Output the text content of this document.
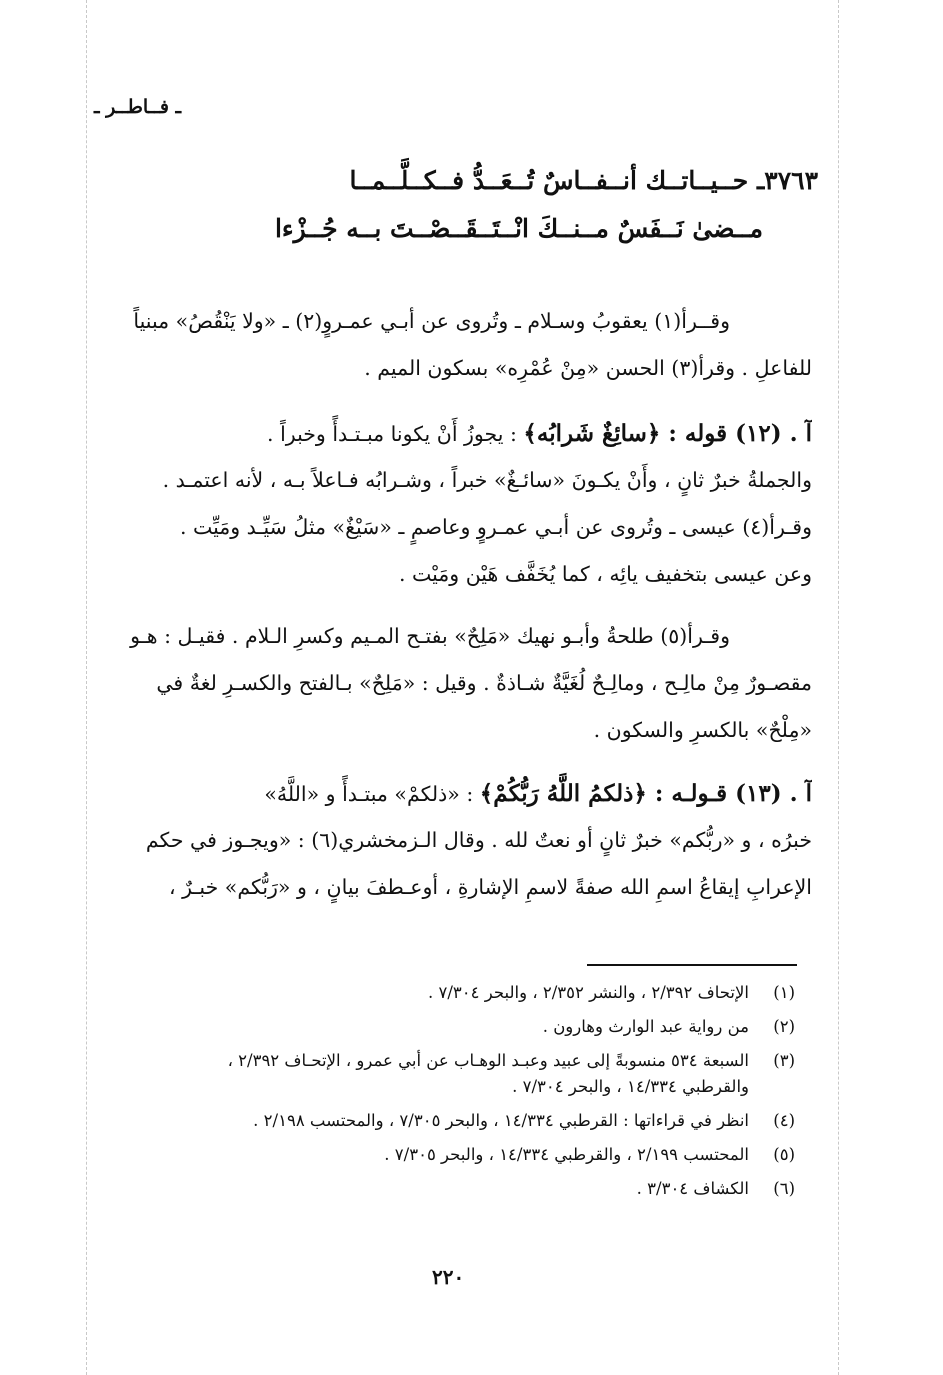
ـ فــاطــر ـ
٣٧٦٣ـ حــيــاتــك أنــفــاسٌ تُــعَــدُّ فــكــلَّــمــا
مــضىٰ نَــفَسٌ مــنــكَ انْــتَــقَــصْــتَ بــه جُــزْءا
وقــرأ(١) يعقوبُ وسـلام ـ وتُروى عن أبـي عمـروٍ(٢) ـ «ولا يَنْقُصُ» مبنياً
للفاعلِ . وقرأ(٣) الحسن «مِنْ عُمْرِه» بسكون الميم .
آ . (١٢) قوله : ﴿سائِغٌ شَرابُه﴾ : يجوزُ أَنْ يكونا مبـتـدأً وخبراً .
والجملةُ خبرٌ ثانٍ ، وأَنْ يكـونَ «سائـغٌ» خبراً ، وشـرابُه فـاعلاً بـه ، لأنه اعتمـد .
وقـرأ(٤) عيسى ـ وتُروى عن أبـي عمـروٍ وعاصمٍ ـ «سَيْغٌ» مثلُ سَيِّـد ومَيِّت .
وعن عيسى بتخفيف يائِه ، كما يُخَفَّف هَيْن ومَيْت .
وقـرأ(٥) طلحةُ وأبـو نهيك «مَلِحٌ» بفتـح المـيم وكسرِ الـلام . فقيـل : هـو
مقصـورٌ مِنْ مالِـح ، ومالِـحٌ لُغَيَّةٌ شـاذةٌ . وقيل : «مَلِحٌ» بـالفتح والكسـرِ لغةٌ في
«مِلْحٌ» بالكسرِ والسكون .
آ . (١٣) قـولـه : ﴿ذلكمُ اللَّهُ رَبُّكُمْ﴾ : «ذلكمْ» مبتـدأً و «اللَّهُ»
خبرُه ، و «ربُّكم» خبرٌ ثانٍ أو نعتٌ لله . وقال الـزمخشري(٦) : «ويجـوز في حكم
الإعرابِ إيقاعُ اسمِ الله صفةً لاسمِ الإشارةِ ، أوعـطفَ بيانٍ ، و «رَبُّكم» خبـرٌ ،
(١)
الإتحاف ٢/٣٩٢ ، والنشر ٢/٣٥٢ ، والبحر ٧/٣٠٤ .
(٢)
من رواية عبد الوارث وهارون .
(٣)
السبعة ٥٣٤ منسوبةً إلى عبيد وعبـد الوهـاب عن أبي عمرو ، الإتحـاف ٢/٣٩٢ ،
والقرطبي ١٤/٣٣٤ ، والبحر ٧/٣٠٤ .
(٤)
انظر في قراءاتها : القرطبي ١٤/٣٣٤ ، والبحر ٧/٣٠٥ ، والمحتسب ٢/١٩٨ .
(٥)
المحتسب ٢/١٩٩ ، والقرطبي ١٤/٣٣٤ ، والبحر ٧/٣٠٥ .
(٦)
الكشاف ٣/٣٠٤ .
٢٢٠
